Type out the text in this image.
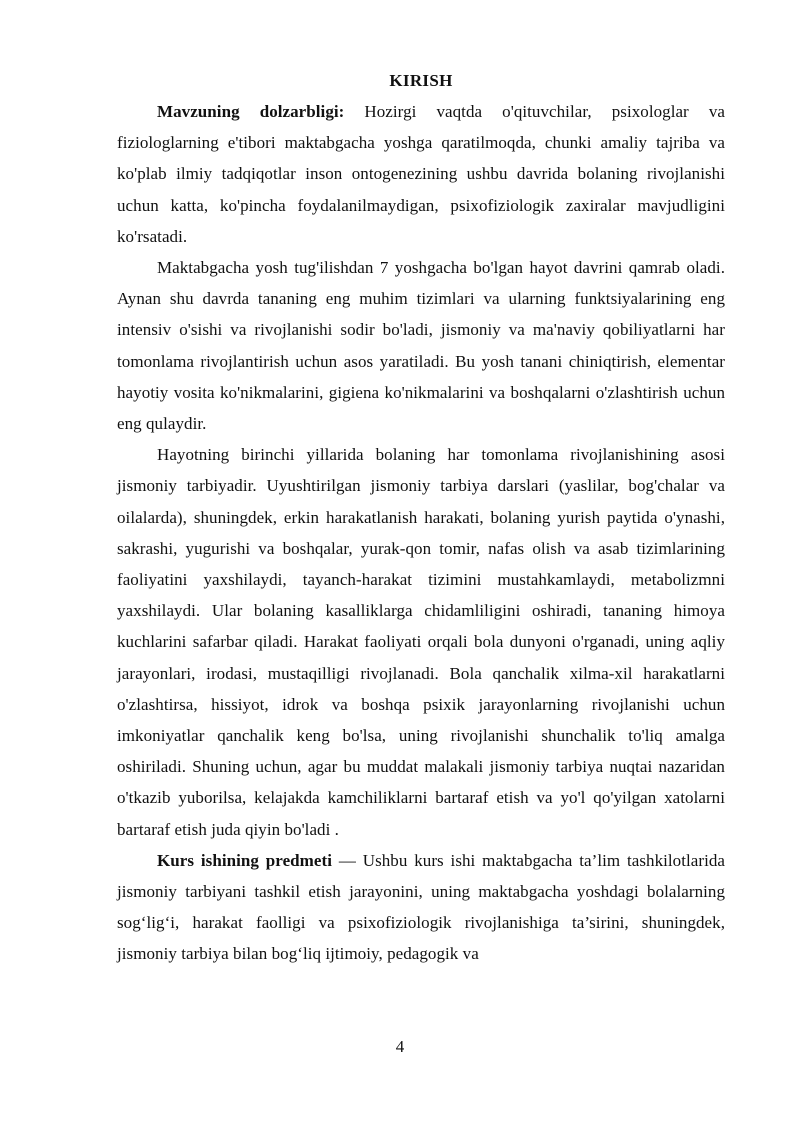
KIRISH

Mavzuning dolzarbligi: Hozirgi vaqtda o'qituvchilar, psixologlar va fiziologlarning e'tibori maktabgacha yoshga qaratilmoqda, chunki amaliy tajriba va ko'plab ilmiy tadqiqotlar inson ontogenezining ushbu davrida bolaning rivojlanishi uchun katta, ko'pincha foydalanilmaydigan, psixofiziologik zaxiralar mavjudligini ko'rsatadi.

Maktabgacha yosh tug'ilishdan 7 yoshgacha bo'lgan hayot davrini qamrab oladi. Aynan shu davrda tananing eng muhim tizimlari va ularning funktsiyalarining eng intensiv o'sishi va rivojlanishi sodir bo'ladi, jismoniy va ma'naviy qobiliyatlarni har tomonlama rivojlantirish uchun asos yaratiladi. Bu yosh tanani chiniqtirish, elementar hayotiy vosita ko'nikmalarini, gigiena ko'nikmalarini va boshqalarni o'zlashtirish uchun eng qulaydir.

Hayotning birinchi yillarida bolaning har tomonlama rivojlanishining asosi jismoniy tarbiyadir. Uyushtirilgan jismoniy tarbiya darslari (yaslilar, bog'chalar va oilalarda), shuningdek, erkin harakatlanish harakati, bolaning yurish paytida o'ynashi, sakrashi, yugurishi va boshqalar, yurak-qon tomir, nafas olish va asab tizimlarining faoliyatini yaxshilaydi, tayanch-harakat tizimini mustahkamlaydi, metabolizmni yaxshilaydi. Ular bolaning kasalliklarga chidamliligini oshiradi, tananing himoya kuchlarini safarbar qiladi. Harakat faoliyati orqali bola dunyoni o'rganadi, uning aqliy jarayonlari, irodasi, mustaqilligi rivojlanadi. Bola qanchalik xilma-xil harakatlarni o'zlashtirsa, hissiyot, idrok va boshqa psixik jarayonlarning rivojlanishi uchun imkoniyatlar qanchalik keng bo'lsa, uning rivojlanishi shunchalik to'liq amalga oshiriladi. Shuning uchun, agar bu muddat malakali jismoniy tarbiya nuqtai nazaridan o'tkazib yuborilsa, kelajakda kamchiliklarni bartaraf etish va yo'l qo'yilgan xatolarni bartaraf etish juda qiyin bo'ladi .

Kurs ishining predmeti — Ushbu kurs ishi maktabgacha ta’lim tashkilotlarida jismoniy tarbiyani tashkil etish jarayonini, uning maktabgacha yoshdagi bolalarning sog‘lig‘i, harakat faolligi va psixofiziologik rivojlanishiga ta’sirini, shuningdek, jismoniy tarbiya bilan bog‘liq ijtimoiy, pedagogik va

4
